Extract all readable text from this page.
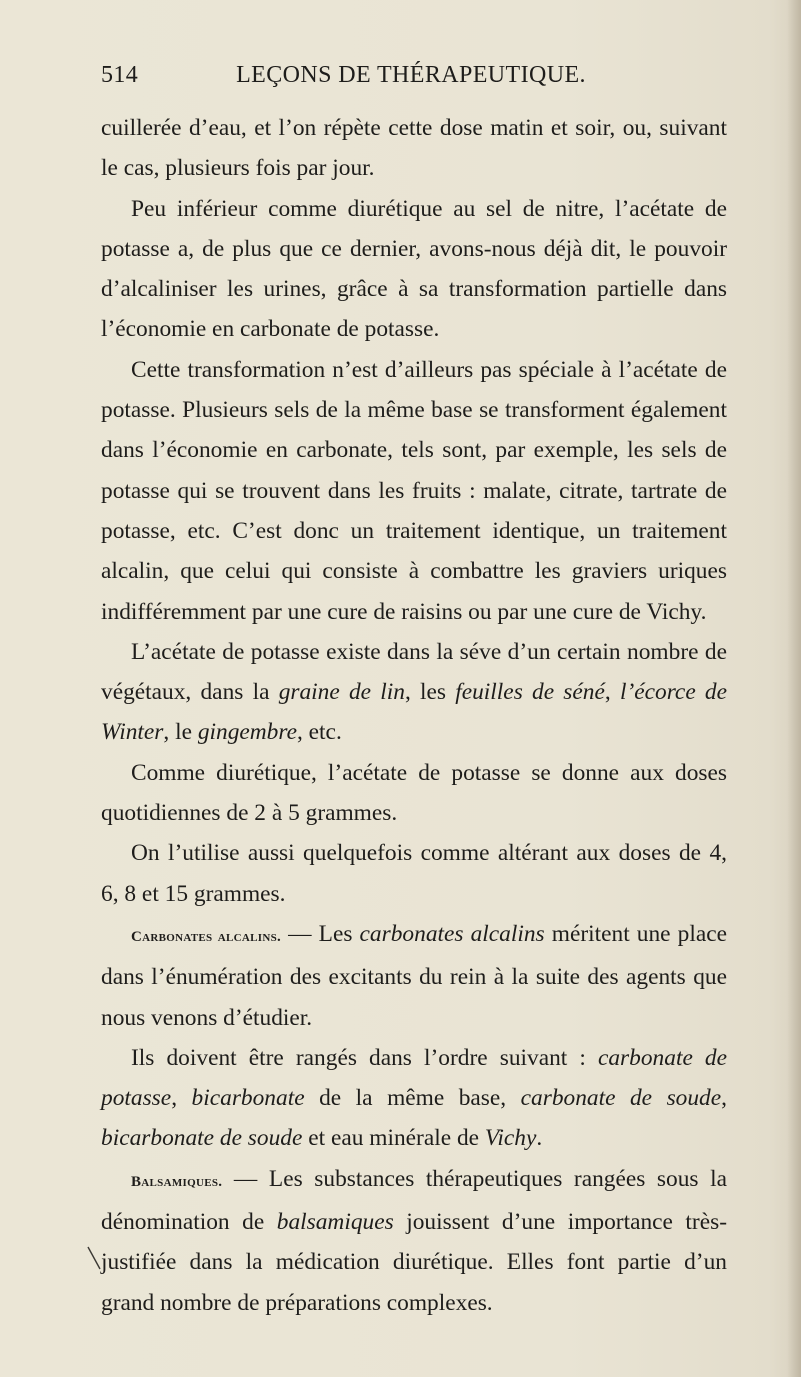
514	LEÇONS DE THÉRAPEUTIQUE.

cuillerée d’eau, et l’on répète cette dose matin et soir, ou, suivant le cas, plusieurs fois par jour.

Peu inférieur comme diurétique au sel de nitre, l’acétate de potasse a, de plus que ce dernier, avons-nous déjà dit, le pouvoir d’alcaliniser les urines, grâce à sa transformation partielle dans l’économie en carbonate de potasse.

Cette transformation n’est d’ailleurs pas spéciale à l’acétate de potasse. Plusieurs sels de la même base se transforment également dans l’économie en carbonate, tels sont, par exemple, les sels de potasse qui se trouvent dans les fruits : malate, citrate, tartrate de potasse, etc. C’est donc un traitement identique, un traitement alcalin, que celui qui consiste à combattre les graviers uriques indifféremment par une cure de raisins ou par une cure de Vichy.

L’acétate de potasse existe dans la séve d’un certain nombre de végétaux, dans la graine de lin, les feuilles de séné, l’écorce de Winter, le gingembre, etc.

Comme diurétique, l’acétate de potasse se donne aux doses quotidiennes de 2 à 5 grammes.

On l’utilise aussi quelquefois comme altérant aux doses de 4, 6, 8 et 15 grammes.

Carbonates alcalins. — Les carbonates alcalins méritent une place dans l’énumération des excitants du rein à la suite des agents que nous venons d’étudier.

Ils doivent être rangés dans l’ordre suivant : carbonate de potasse, bicarbonate de la même base, carbonate de soude, bicarbonate de soude et eau minérale de Vichy.

Balsamiques. — Les substances thérapeutiques rangées sous la dénomination de balsamiques jouissent d’une importance très-justifiée dans la médication diurétique. Elles font partie d’un grand nombre de préparations complexes.
